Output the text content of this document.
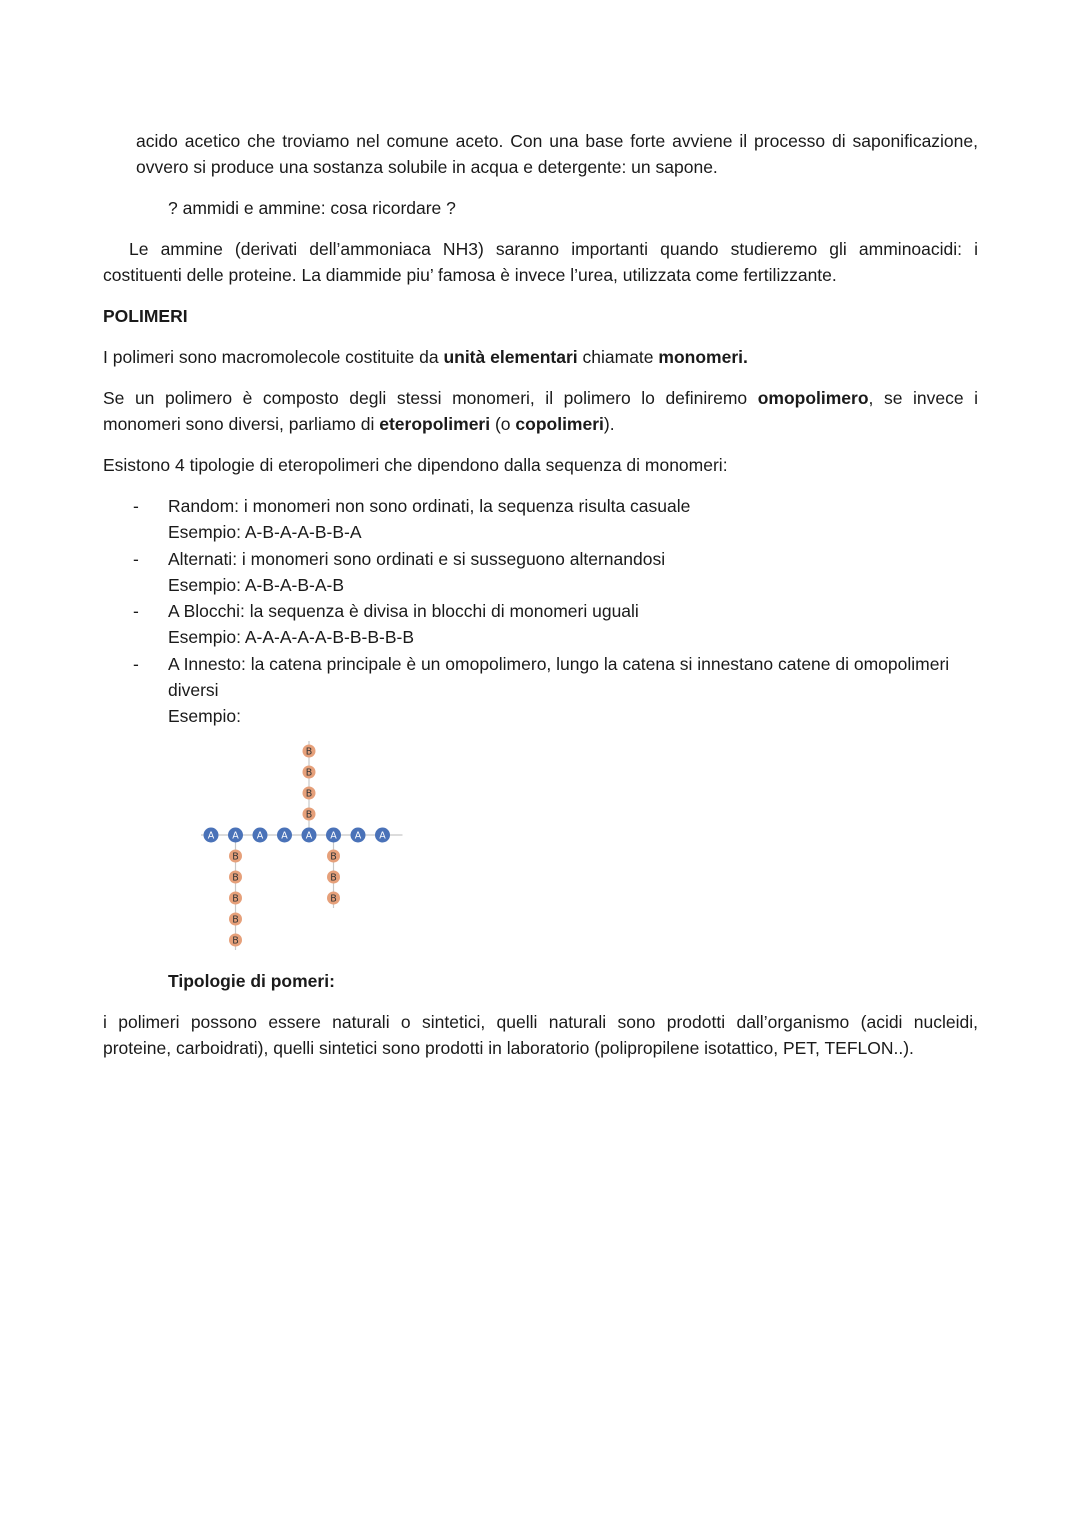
acido acetico che troviamo nel comune aceto. Con una base forte avviene il processo di saponificazione,

ovvero si produce una sostanza solubile in acqua e detergente: un sapone.

? ammidi e ammine: cosa ricordare ?

Le ammine (derivati dell’ammoniaca NH3) saranno importanti quando studieremo gli amminoacidi: i

costituenti delle proteine. La diammide piu’ famosa è invece l’urea, utilizzata come fertilizzante.

POLIMERI

I polimeri sono macromolecole costituite da unità elementari chiamate monomeri.

Se un polimero è composto degli stessi monomeri, il polimero lo definiremo omopolimero, se invece i

monomeri sono diversi, parliamo di eteropolimeri (o copolimeri).

Esistono 4 tipologie di eteropolimeri che dipendono dalla sequenza di monomeri:

- Random: i monomeri non sono ordinati, la sequenza risulta casuale
Esempio: A-B-A-A-B-B-A

- Alternati: i monomeri sono ordinati e si susseguono alternandosi
Esempio: A-B-A-B-A-B

- A Blocchi: la sequenza è divisa in blocchi di monomeri uguali
Esempio: A-A-A-A-A-B-B-B-B-B

- A Innesto: la catena principale è un omopolimero, lungo la catena si innestano catene di omopolimeri
diversi
Esempio:

A A A A A A A A
B
B
B
B
B
B
B
B
B
B
B
B

Tipologie di pomeri:

i polimeri possono essere naturali o sintetici, quelli naturali sono prodotti dall’organismo (acidi nucleidi,

proteine, carboidrati), quelli sintetici sono prodotti in laboratorio (polipropilene isotattico, PET, TEFLON..).
